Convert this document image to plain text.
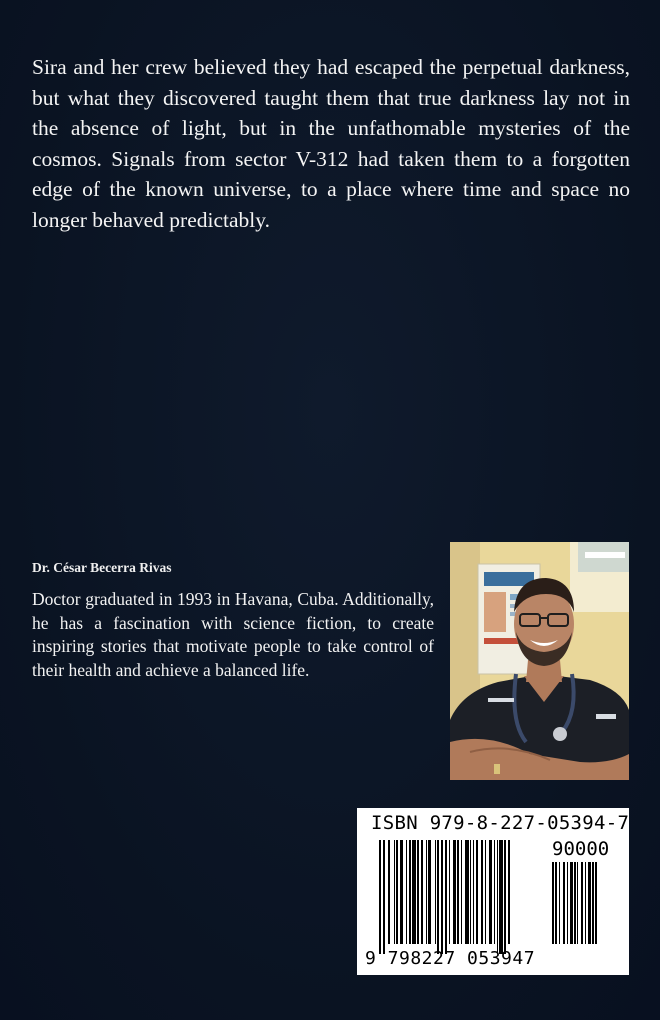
Sira and her crew believed they had escaped the perpetual darkness, but what they discovered taught them that true darkness lay not in the absence of light, but in the unfathomable mysteries of the cosmos. Signals from sector V-312 had taken them to a forgotten edge of the known universe, to a place where time and space no longer behaved predictably.

Dr. César Becerra Rivas

Doctor graduated in 1993 in Havana, Cuba. Additionally, he has a fascination with science fiction, to create inspiring stories that motivate people to take control of their health and achieve a balanced life.

ISBN 979-8-227-05394-7
90000
9 798227 053947
